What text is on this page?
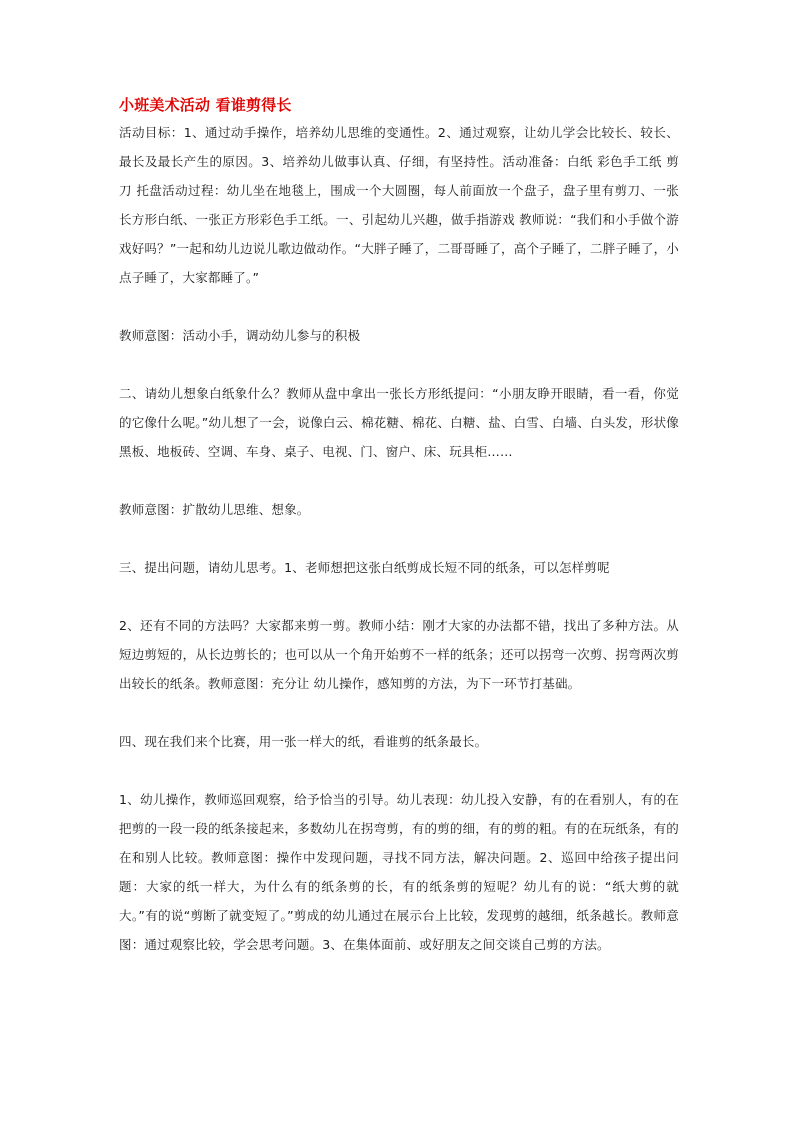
小班美术活动 看谁剪得长

活动目标：1、通过动手操作，培养幼儿思维的变通性。2、通过观察，让幼儿学会比较长、较长、最长及最长产生的原因。3、培养幼儿做事认真、仔细，有坚持性。活动准备：白纸 彩色手工纸 剪刀 托盘活动过程：幼儿坐在地毯上，围成一个大圆圈，每人前面放一个盘子，盘子里有剪刀、一张长方形白纸、一张正方形彩色手工纸。一、引起幼儿兴趣，做手指游戏 教师说：“我们和小手做个游戏好吗？”一起和幼儿边说儿歌边做动作。“大胖子睡了，二哥哥睡了，高个子睡了，二胖子睡了，小点子睡了，大家都睡了。”

教师意图：活动小手，调动幼儿参与的积极

二、请幼儿想象白纸象什么？教师从盘中拿出一张长方形纸提问：“小朋友睁开眼睛，看一看，你觉的它像什么呢。”幼儿想了一会，说像白云、棉花糖、棉花、白糖、盐、白雪、白墙、白头发，形状像黑板、地板砖、空调、车身、桌子、电视、门、窗户、床、玩具柜……

教师意图：扩散幼儿思维、想象。

三、提出问题，请幼儿思考。1、老师想把这张白纸剪成长短不同的纸条，可以怎样剪呢

2、还有不同的方法吗？大家都来剪一剪。教师小结：刚才大家的办法都不错，找出了多种方法。从短边剪短的，从长边剪长的；也可以从一个角开始剪不一样的纸条；还可以拐弯一次剪、拐弯两次剪出较长的纸条。教师意图：充分让 幼儿操作，感知剪的方法，为下一环节打基础。

四、现在我们来个比赛，用一张一样大的纸，看谁剪的纸条最长。

1、幼儿操作，教师巡回观察，给予恰当的引导。幼儿表现：幼儿投入安静，有的在看别人，有的在把剪的一段一段的纸条接起来，多数幼儿在拐弯剪，有的剪的细，有的剪的粗。有的在玩纸条，有的在和别人比较。教师意图：操作中发现问题，寻找不同方法，解决问题。2、巡回中给孩子提出问题：大家的纸一样大，为什么有的纸条剪的长，有的纸条剪的短呢？幼儿有的说：“纸大剪的就大。”有的说“剪断了就变短了。”剪成的幼儿通过在展示台上比较，发现剪的越细，纸条越长。教师意图：通过观察比较，学会思考问题。3、在集体面前、或好朋友之间交谈自己剪的方法。
